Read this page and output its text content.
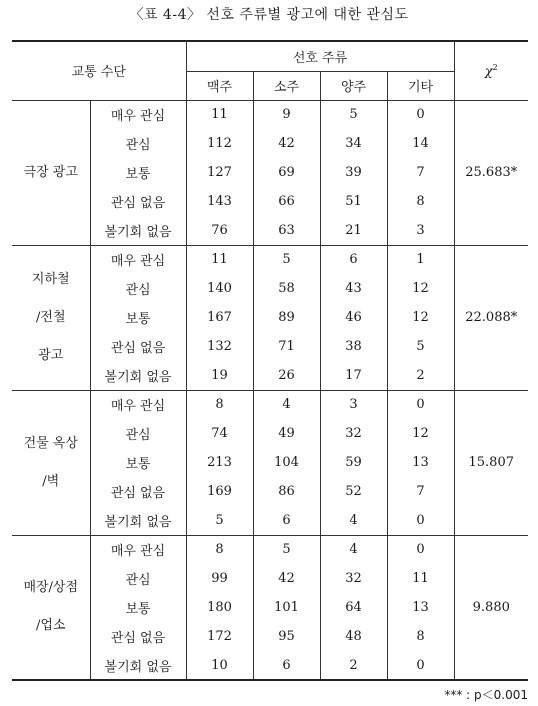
〈표 4-4〉 선호 주류별 광고에 대한 관심도
교통 수단		선호 주류				$\chi^2$
		맥주	소주	양주	기타	

극장 광고	매우 관심	11	9	5	0	25.683*
	관심	112	42	34	14	
	보통	127	69	39	7	
	관심 없음	143	66	51	8	
	볼기회 없음	76	63	21	3	

지하철
/전철
광고	매우 관심	11	5	6	1	22.088*
	관심	140	58	43	12	
	보통	167	89	46	12	
	관심 없음	132	71	38	5	
	볼기회 없음	19	26	17	2	

건물 옥상
/벽	매우 관심	8	4	3	0	15.807
	관심	74	49	32	12	
	보통	213	104	59	13	
	관심 없음	169	86	52	7	
	볼기회 없음	5	6	4	0	

매장/상점
/업소	매우 관심	8	5	4	0	9.880
	관심	99	42	32	11	
	보통	180	101	64	13	
	관심 없음	172	95	48	8	
	볼기회 없음	10	6	2	0	
*** : p＜0.001
